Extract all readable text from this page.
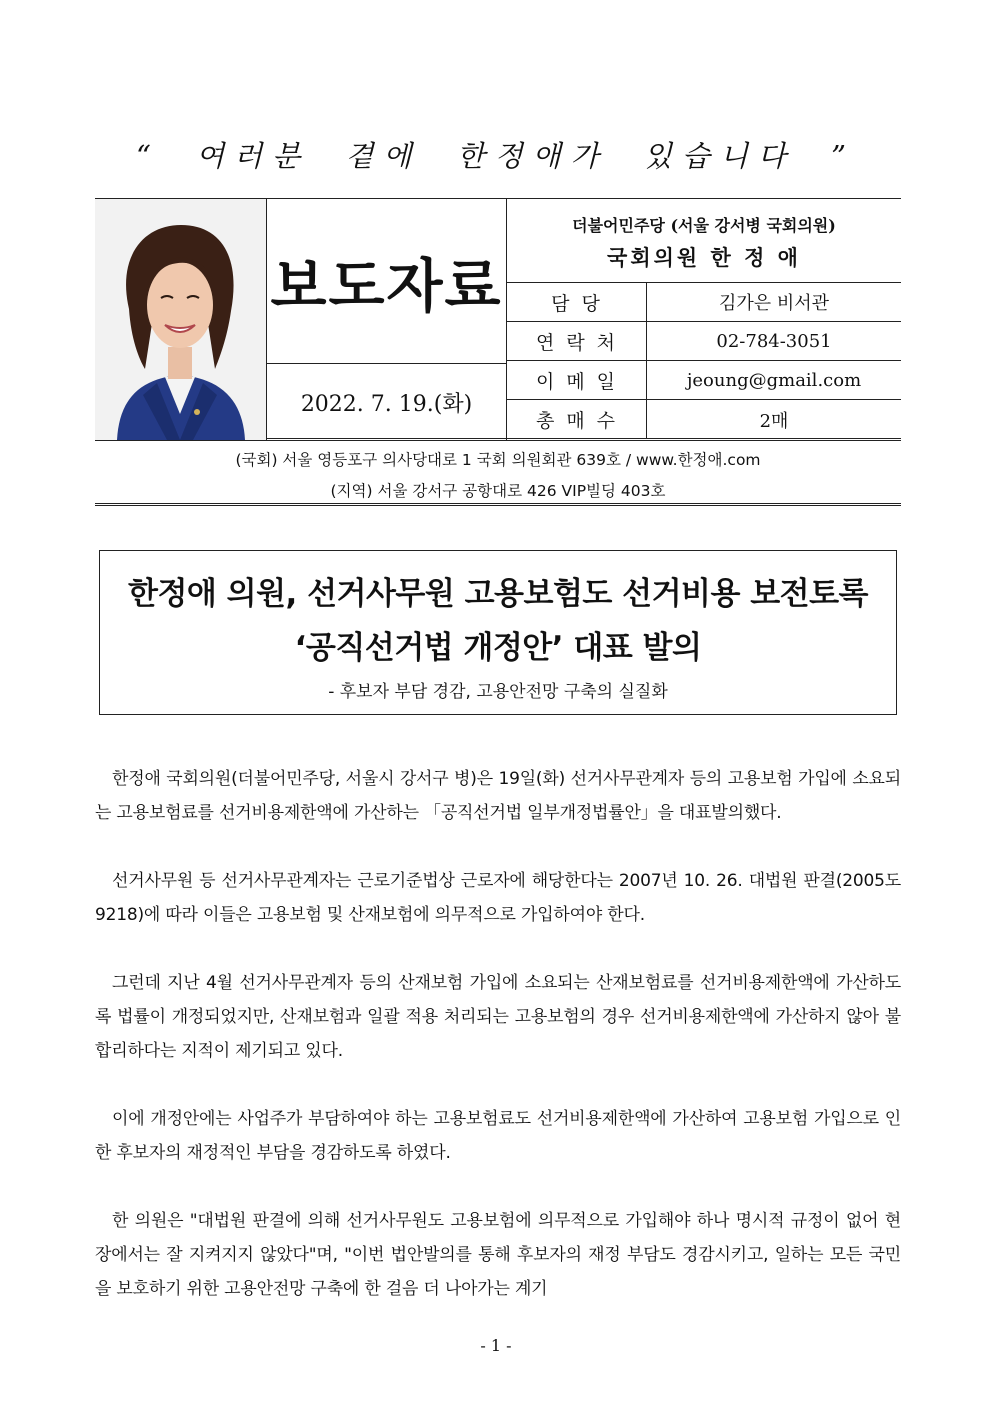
“ 여러분 곁에 한정애가 있습니다 ”
보도자료
2022. 7. 19.(화)
더불어민주당 (서울 강서병 국회의원)
국회의원 한 정 애
담당	김가은 비서관
연락처	02-784-3051
이메일	jeoung@gmail.com
총매수	2매
(국회) 서울 영등포구 의사당대로 1 국회 의원회관 639호 / www.한정애.com
(지역) 서울 강서구 공항대로 426 VIP빌딩 403호
한정애 의원, 선거사무원 고용보험도 선거비용 보전토록
‘공직선거법 개정안’ 대표 발의
- 후보자 부담 경감, 고용안전망 구축의 실질화

한정애 국회의원(더불어민주당, 서울시 강서구 병)은 19일(화) 선거사무관계자 등의 고용보험 가입에 소요되는 고용보험료를 선거비용제한액에 가산하는 「공직선거법 일부개정법률안」을 대표발의했다.

선거사무원 등 선거사무관계자는 근로기준법상 근로자에 해당한다는 2007년 10. 26. 대법원 판결(2005도 9218)에 따라 이들은 고용보험 및 산재보험에 의무적으로 가입하여야 한다.

그런데 지난 4월 선거사무관계자 등의 산재보험 가입에 소요되는 산재보험료를 선거비용제한액에 가산하도록 법률이 개정되었지만, 산재보험과 일괄 적용 처리되는 고용보험의 경우 선거비용제한액에 가산하지 않아 불합리하다는 지적이 제기되고 있다.

이에 개정안에는 사업주가 부담하여야 하는 고용보험료도 선거비용제한액에 가산하여 고용보험 가입으로 인한 후보자의 재정적인 부담을 경감하도록 하였다.

한 의원은 "대법원 판결에 의해 선거사무원도 고용보험에 의무적으로 가입해야 하나 명시적 규정이 없어 현장에서는 잘 지켜지지 않았다"며, "이번 법안발의를 통해 후보자의 재정 부담도 경감시키고, 일하는 모든 국민을 보호하기 위한 고용안전망 구축에 한 걸음 더 나아가는 계기

- 1 -
